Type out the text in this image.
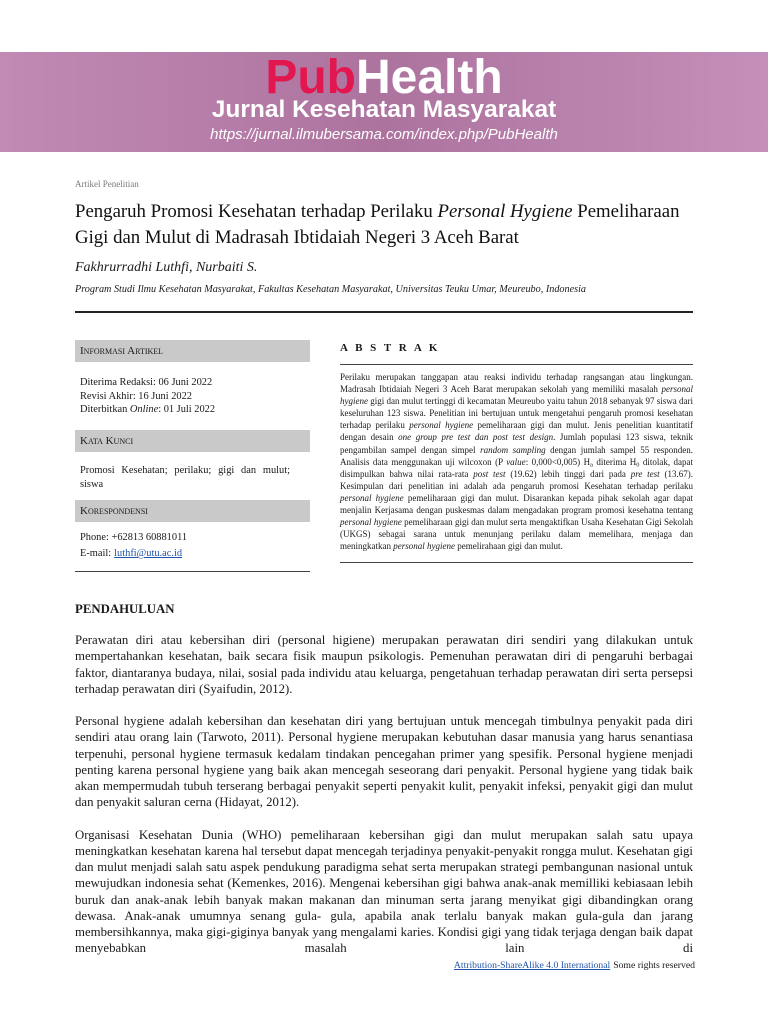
PubHealth
Jurnal Kesehatan Masyarakat
https://jurnal.ilmubersama.com/index.php/PubHealth
Artikel Penelitian
Pengaruh Promosi Kesehatan terhadap Perilaku Personal Hygiene Pemeliharaan Gigi dan Mulut di Madrasah Ibtidaiah Negeri 3 Aceh Barat
Fakhrurradhi Luthfi, Nurbaiti S.
Program Studi Ilmu Kesehatan Masyarakat, Fakultas Kesehatan Masyarakat, Universitas Teuku Umar, Meureubo, Indonesia
Informasi Artikel
Diterima Redaksi: 06 Juni 2022
Revisi Akhir: 16 Juni 2022
Diterbitkan Online: 01 Juli 2022
Kata Kunci
Promosi Kesehatan; perilaku; gigi dan mulut; siswa
Korespondensi
Phone: +62813 60881011
E-mail: luthfi@utu.ac.id
A B S T R A K
Perilaku merupakan tanggapan atau reaksi individu terhadap rangsangan atau lingkungan. Madrasah Ibtidaiah Negeri 3 Aceh Barat merupakan sekolah yang memiliki masalah personal hygiene gigi dan mulut tertinggi di kecamatan Meureubo yaitu tahun 2018 sebanyak 97 siswa dari keseluruhan 123 siswa. Penelitian ini bertujuan untuk mengetahui pengaruh promosi kesehatan terhadap perilaku personal hygiene pemeliharaan gigi dan mulut. Jenis penelitian kuantitatif dengan desain one group pre test dan post test design. Jumlah populasi 123 siswa, teknik pengambilan sampel dengan simpel random sampling dengan jumlah sampel 55 responden. Analisis data menggunakan uji wilcoxon (P value: 0,000<0,005) $H_a$ diterima $H_0$ ditolak, dapat disimpulkan bahwa nilai rata-rata post test (19.62) lebih tinggi dari pada pre test (13.67). Kesimpulan dari penelitian ini adalah ada pengaruh promosi Kesehatan terhadap perilaku personal hygiene pemeliharaan gigi dan mulut. Disarankan kepada pihak sekolah agar dapat menjalin Kerjasama dengan puskesmas dalam mengadakan program promosi kesehatna tentang personal hygiene pemeliharaan gigi dan mulut serta mengaktifkan Usaha Kesehatan Gigi Sekolah (UKGS) sebagai sarana untuk menunjang perilaku dalam memelihara, menjaga dan meningkatkan personal hygiene pemelirahaan gigi dan mulut.
PENDAHULUAN

Perawatan diri atau kebersihan diri (personal higiene) merupakan perawatan diri sendiri yang dilakukan untuk mempertahankan kesehatan, baik secara fisik maupun psikologis. Pemenuhan perawatan diri di pengaruhi berbagai faktor, diantaranya budaya, nilai, sosial pada individu atau keluarga, pengetahuan terhadap perawatan diri serta persepsi terhadap perawatan diri (Syaifudin, 2012).

Personal hygiene adalah kebersihan dan kesehatan diri yang bertujuan untuk mencegah timbulnya penyakit pada diri sendiri atau orang lain (Tarwoto, 2011). Personal hygiene merupakan kebutuhan dasar manusia yang harus senantiasa terpenuhi, personal hygiene termasuk kedalam tindakan pencegahan primer yang spesifik. Personal hygiene menjadi penting karena personal hygiene yang baik akan mencegah seseorang dari penyakit. Personal hygiene yang tidak baik akan mempermudah tubuh terserang berbagai penyakit seperti penyakit kulit, penyakit infeksi, penyakit gigi dan mulut dan penyakit saluran cerna (Hidayat, 2012).

Organisasi Kesehatan Dunia (WHO) pemeliharaan kebersihan gigi dan mulut merupakan salah satu upaya meningkatkan kesehatan karena hal tersebut dapat mencegah terjadinya penyakit-penyakit rongga mulut. Kesehatan gigi dan mulut menjadi salah satu aspek pendukung paradigma sehat serta merupakan strategi pembangunan nasional untuk mewujudkan indonesia sehat (Kemenkes, 2016). Mengenai kebersihan gigi bahwa anak-anak memilliki kebiasaan lebih buruk dan anak-anak lebih banyak makan makanan dan minuman serta jarang menyikat gigi dibandingkan orang dewasa. Anak-anak umumnya senang gula- gula, apabila anak terlalu banyak makan gula-gula dan jarang membersihkannya, maka gigi-giginya banyak yang mengalami karies. Kondisi gigi yang tidak terjaga dengan baik dapat menyebabkan masalah lain di

Attribution-ShareAlike 4.0 International Some rights reserved
